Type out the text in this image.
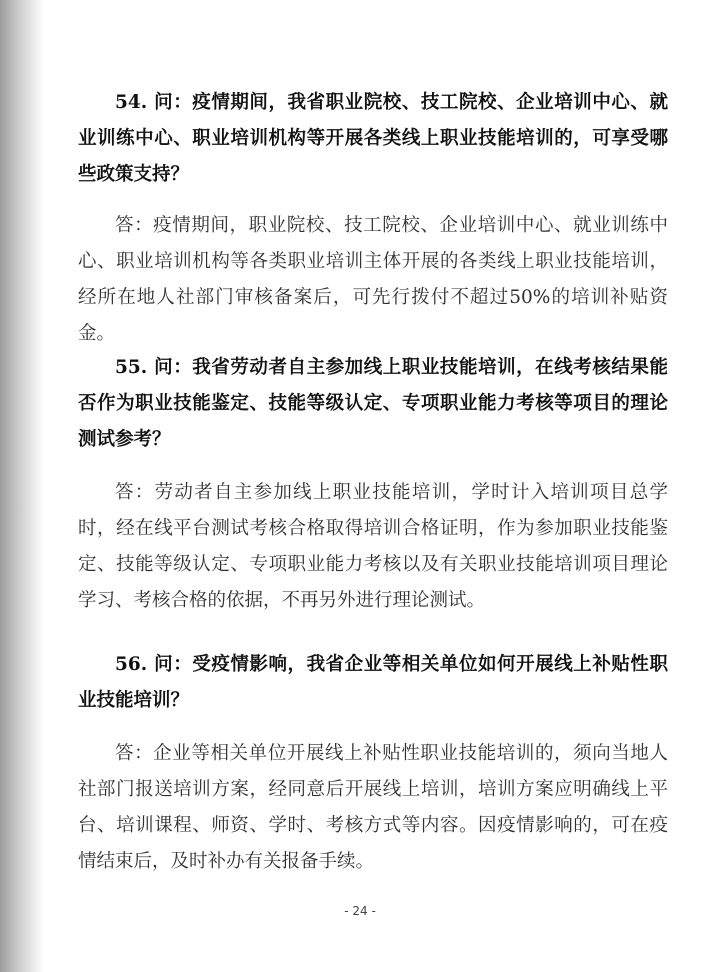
54. 问：疫情期间，我省职业院校、技工院校、企业培训中心、就业训练中心、职业培训机构等开展各类线上职业技能培训的，可享受哪些政策支持？

答：疫情期间，职业院校、技工院校、企业培训中心、就业训练中心、职业培训机构等各类职业培训主体开展的各类线上职业技能培训，经所在地人社部门审核备案后，可先行拨付不超过50%的培训补贴资金。

55. 问：我省劳动者自主参加线上职业技能培训，在线考核结果能否作为职业技能鉴定、技能等级认定、专项职业能力考核等项目的理论测试参考？

答：劳动者自主参加线上职业技能培训，学时计入培训项目总学时，经在线平台测试考核合格取得培训合格证明，作为参加职业技能鉴定、技能等级认定、专项职业能力考核以及有关职业技能培训项目理论学习、考核合格的依据，不再另外进行理论测试。

56. 问：受疫情影响，我省企业等相关单位如何开展线上补贴性职业技能培训？

答：企业等相关单位开展线上补贴性职业技能培训的，须向当地人社部门报送培训方案，经同意后开展线上培训，培训方案应明确线上平台、培训课程、师资、学时、考核方式等内容。因疫情影响的，可在疫情结束后，及时补办有关报备手续。

- 24 -
